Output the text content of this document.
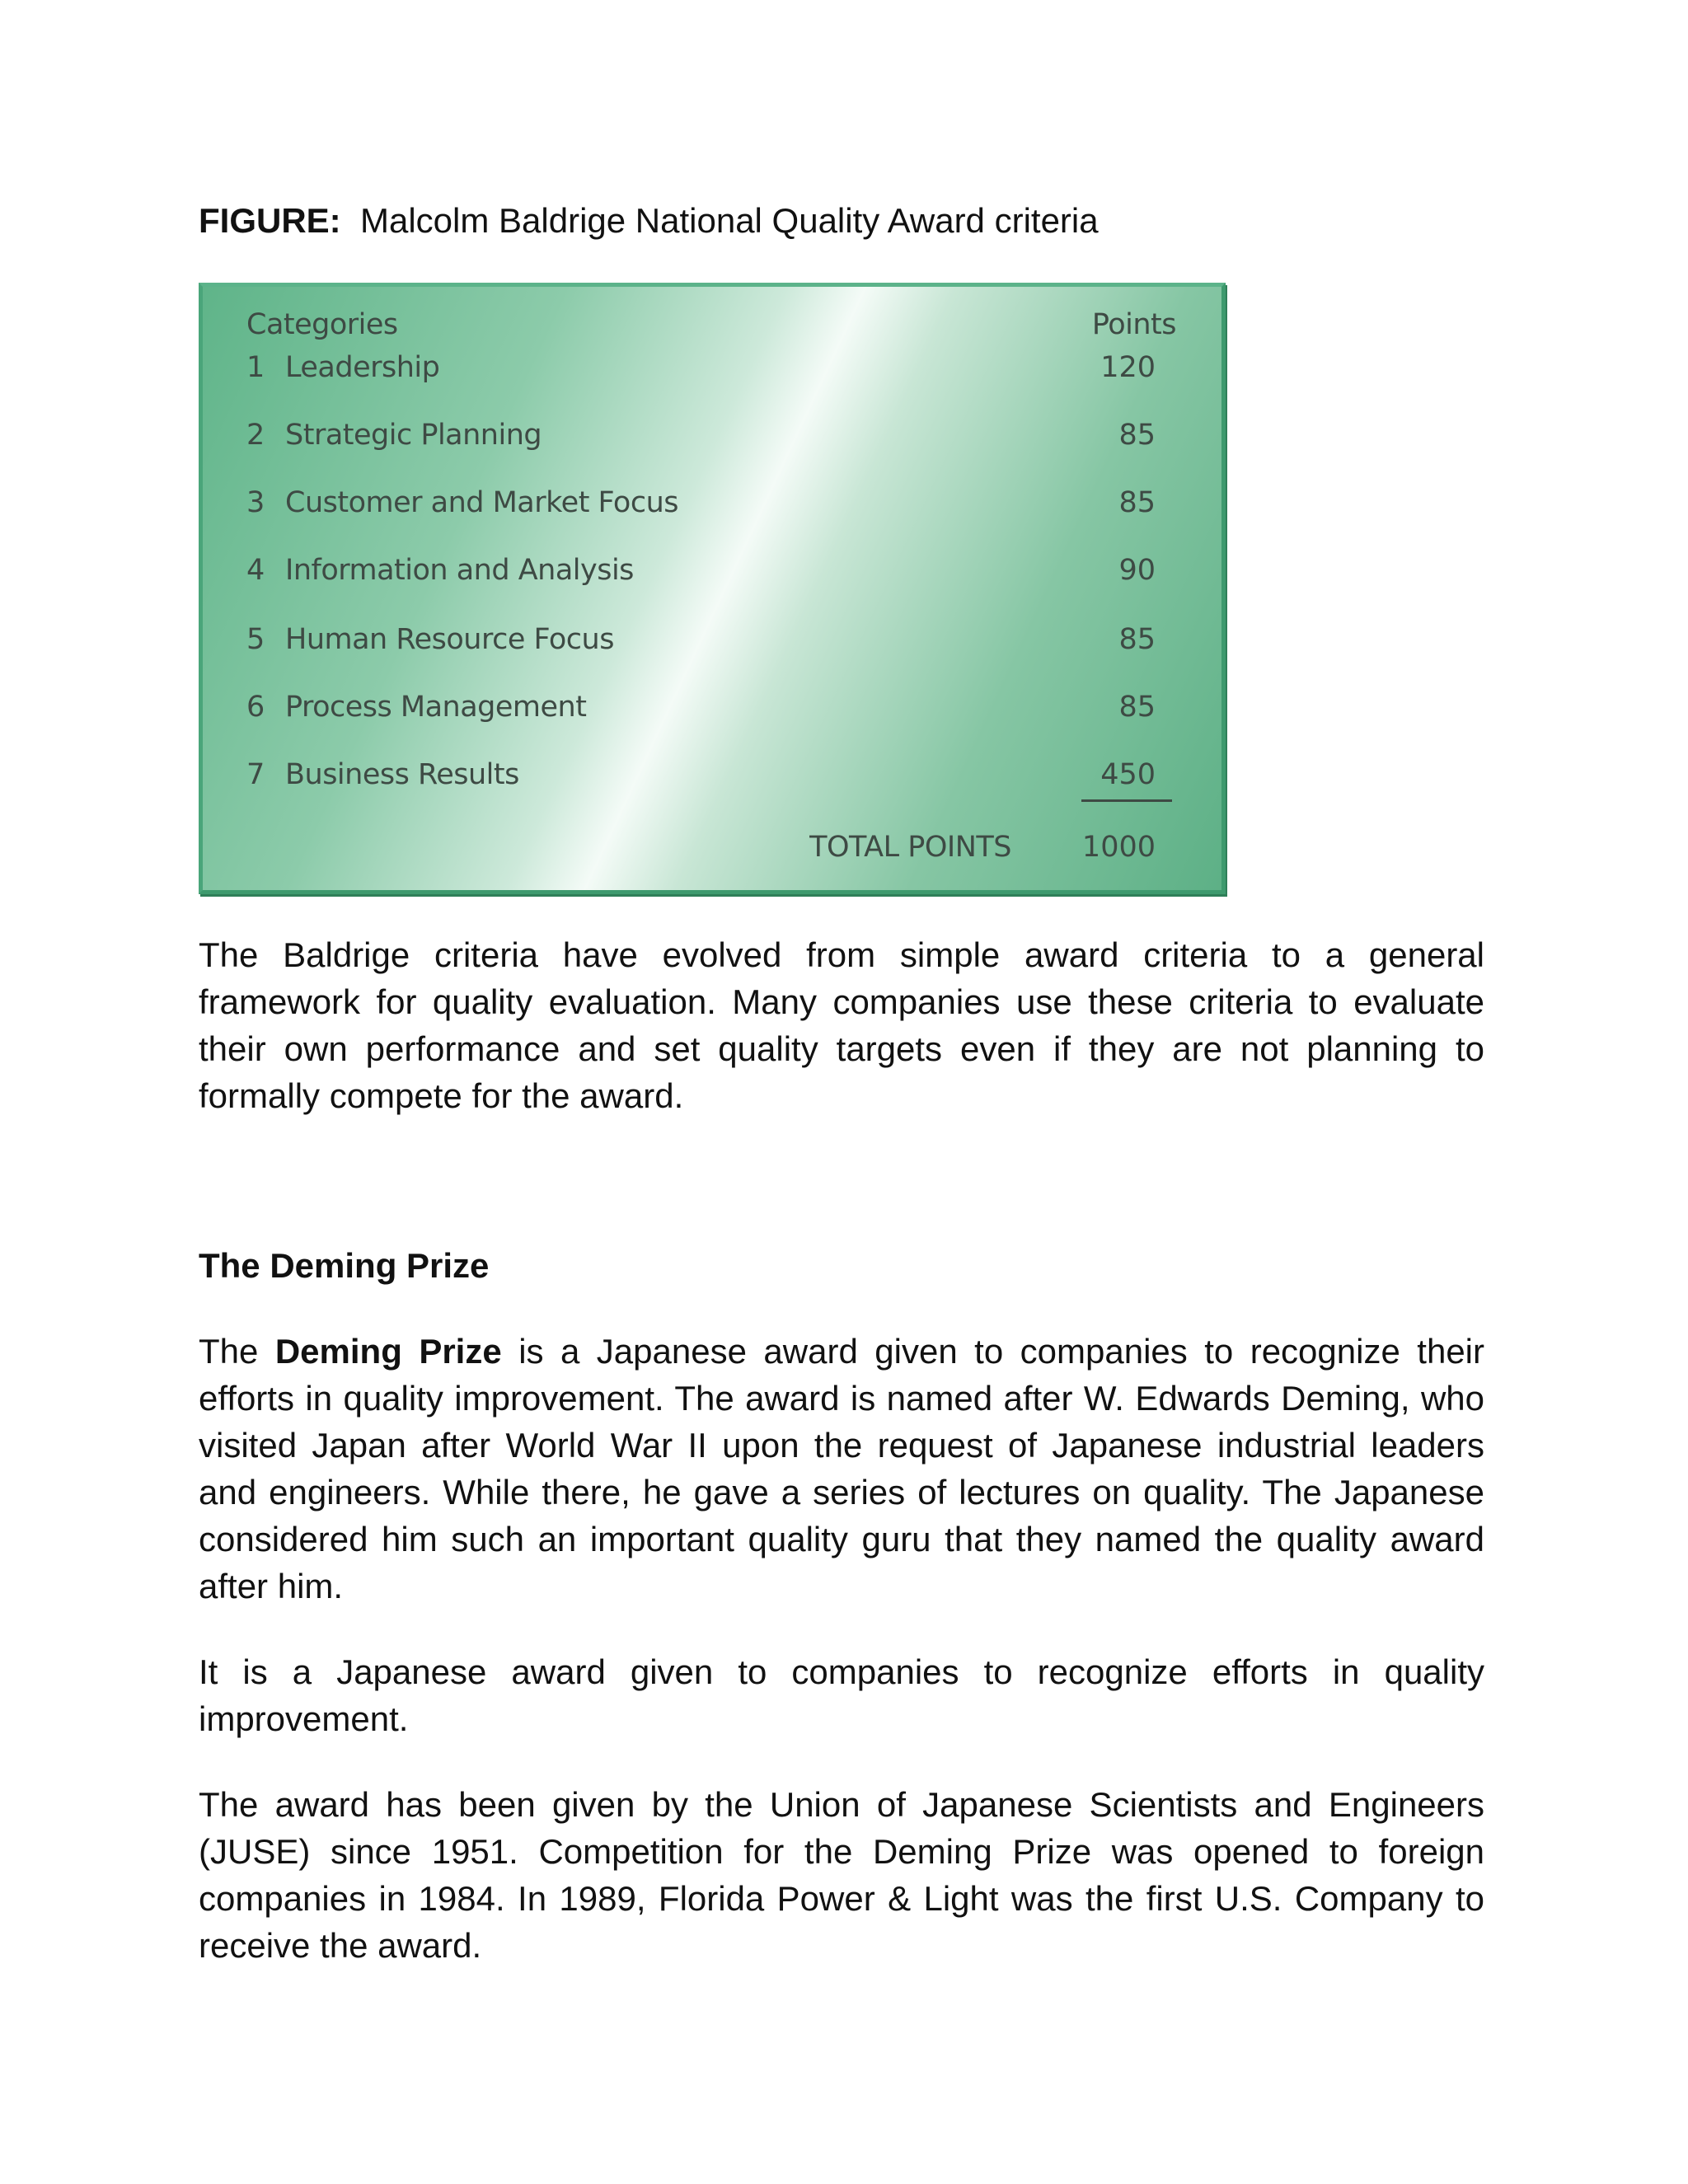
FIGURE: Malcolm Baldrige National Quality Award criteria

Categories	Points
1 Leadership	120
2 Strategic Planning	85
3 Customer and Market Focus	85
4 Information and Analysis	90
5 Human Resource Focus	85
6 Process Management	85
7 Business Results	450
TOTAL POINTS 1000

The Baldrige criteria have evolved from simple award criteria to a general framework for quality evaluation. Many companies use these criteria to evaluate their own performance and set quality targets even if they are not planning to formally compete for the award.

The Deming Prize

The Deming Prize is a Japanese award given to companies to recognize their efforts in quality improvement. The award is named after W. Edwards Deming, who visited Japan after World War II upon the request of Japanese industrial leaders and engineers. While there, he gave a series of lectures on quality. The Japanese considered him such an important quality guru that they named the quality award after him.

It is a Japanese award given to companies to recognize efforts in quality improvement.

The award has been given by the Union of Japanese Scientists and Engineers (JUSE) since 1951. Competition for the Deming Prize was opened to foreign companies in 1984. In 1989, Florida Power & Light was the first U.S. Company to receive the award.
